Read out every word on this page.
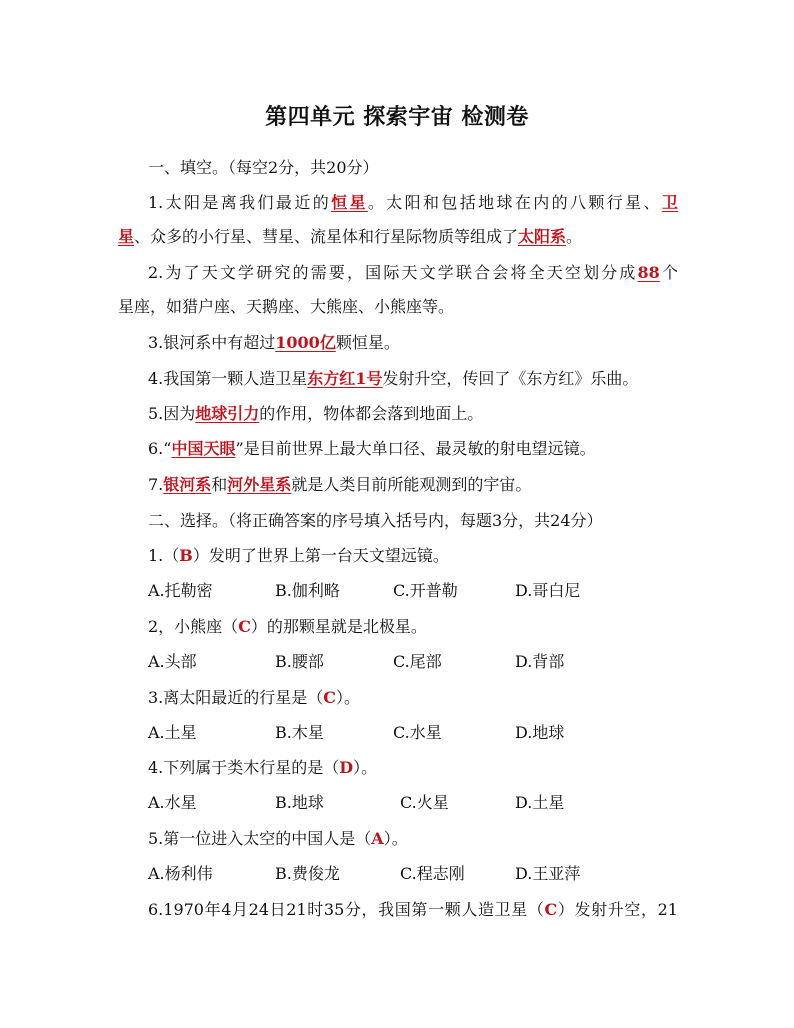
第四单元 探索宇宙 检测卷
一、填空。（每空2分，共20分）
1.太阳是离我们最近的恒星。太阳和包括地球在内的八颗行星、卫
星、众多的小行星、彗星、流星体和行星际物质等组成了太阳系。
2.为了天文学研究的需要，国际天文学联合会将全天空划分成88个
星座，如猎户座、天鹅座、大熊座、小熊座等。
3.银河系中有超过1000亿颗恒星。
4.我国第一颗人造卫星东方红1号发射升空，传回了《东方红》乐曲。
5.因为地球引力的作用，物体都会落到地面上。
6.“中国天眼”是目前世界上最大单口径、最灵敏的射电望远镜。
7.银河系和河外星系就是人类目前所能观测到的宇宙。
二、选择。（将正确答案的序号填入括号内，每题3分，共24分）
1.（B）发明了世界上第一台天文望远镜。
A.托勒密	B.伽利略	C.开普勒	D.哥白尼
2，小熊座（C）的那颗星就是北极星。
A.头部	B.腰部	C.尾部	D.背部
3.离太阳最近的行星是（C）。
A.土星	B.木星	C.水星	D.地球
4.下列属于类木行星的是（D）。
A.水星	B.地球	C.火星	D.土星
5.第一位进入太空的中国人是（A）。
A.杨利伟	B.费俊龙	C.程志刚	D.王亚萍
6.1970年4月24日21时35分，我国第一颗人造卫星（C）发射升空，21
